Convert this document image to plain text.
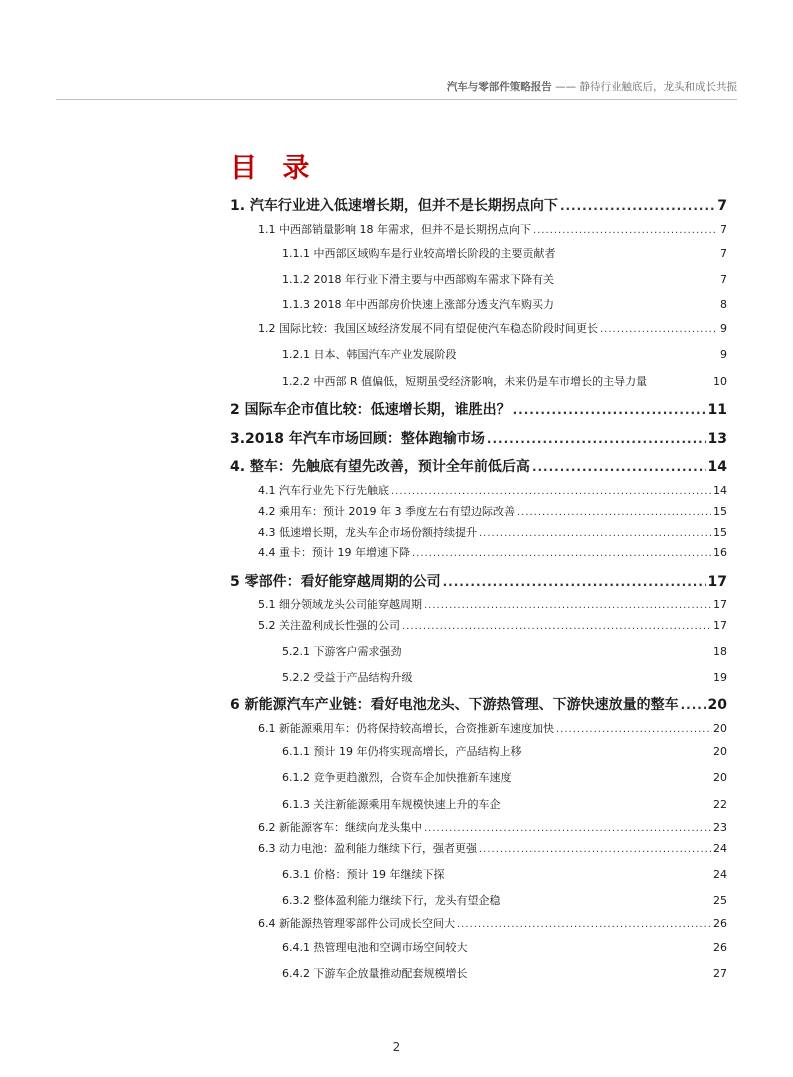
汽车与零部件策略报告 —— 静待行业触底后，龙头和成长共振
目 录
1. 汽车行业进入低速增长期，但并不是长期拐点向下 .....	7
1.1 中西部销量影响 18 年需求，但并不是长期拐点向下 .....	7
1.1.1 中西部区域购车是行业较高增长阶段的主要贡献者	7
1.1.2 2018 年行业下滑主要与中西部购车需求下降有关	7
1.1.3 2018 年中西部房价快速上涨部分透支汽车购买力	8
1.2 国际比较：我国区域经济发展不同有望促使汽车稳态阶段时间更长 .....	9
1.2.1 日本、韩国汽车产业发展阶段	9
1.2.2 中西部 R 值偏低，短期虽受经济影响，未来仍是车市增长的主导力量	10
2 国际车企市值比较：低速增长期，谁胜出？ .....	11
3.2018 年汽车市场回顾：整体跑输市场 .....	13
4. 整车：先触底有望先改善，预计全年前低后高 .....	14
4.1 汽车行业先下行先触底 .....	14
4.2 乘用车：预计 2019 年 3 季度左右有望边际改善 .....	15
4.3 低速增长期，龙头车企市场份额持续提升 .....	15
4.4 重卡：预计 19 年增速下降 .....	16
5 零部件：看好能穿越周期的公司 .....	17
5.1 细分领域龙头公司能穿越周期 .....	17
5.2 关注盈利成长性强的公司 .....	17
5.2.1 下游客户需求强劲	18
5.2.2 受益于产品结构升级	19
6 新能源汽车产业链：看好电池龙头、下游热管理、下游快速放量的整车 ..... 20
6.1 新能源乘用车：仍将保持较高增长，合资推新车速度加快 .....	20
6.1.1 预计 19 年仍将实现高增长，产品结构上移	20
6.1.2 竞争更趋激烈，合资车企加快推新车速度	20
6.1.3 关注新能源乘用车规模快速上升的车企	22
6.2 新能源客车：继续向龙头集中 .....	23
6.3 动力电池：盈利能力继续下行，强者更强 .....	24
6.3.1 价格：预计 19 年继续下探	24
6.3.2 整体盈利能力继续下行，龙头有望企稳	25
6.4 新能源热管理零部件公司成长空间大 .....	26
6.4.1 热管理电池和空调市场空间较大	26
6.4.2 下游车企放量推动配套规模增长	27
2
